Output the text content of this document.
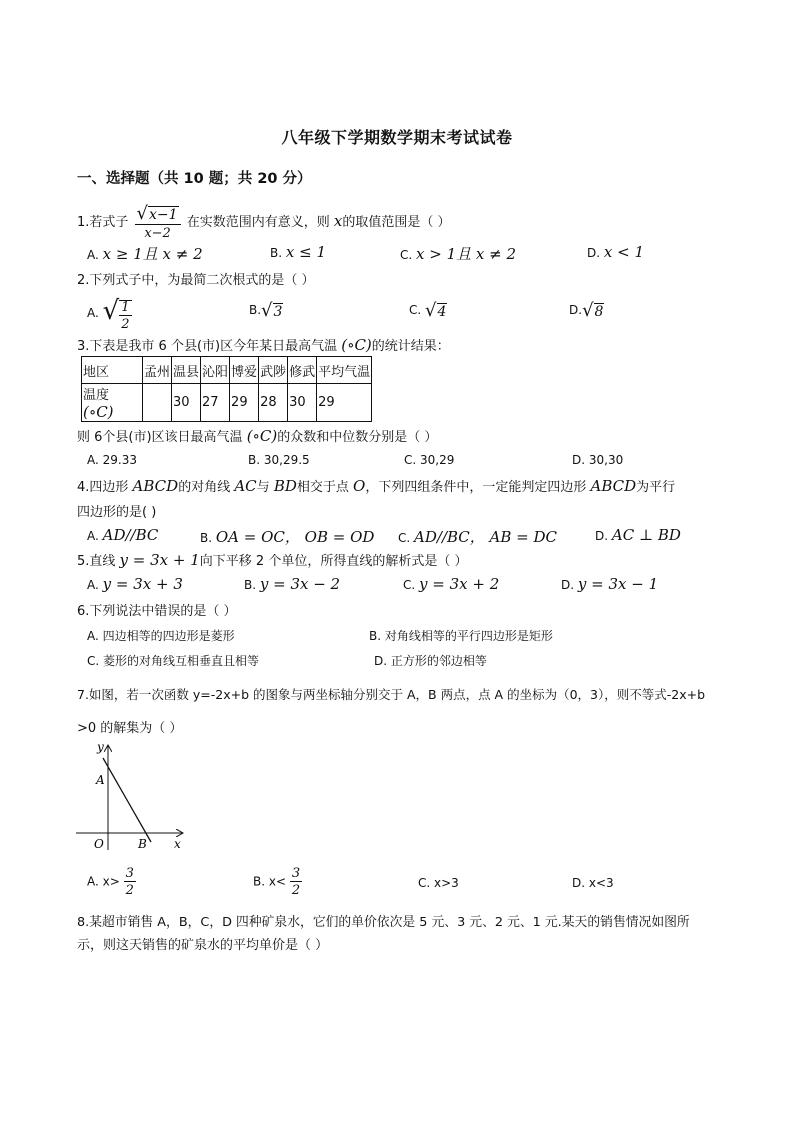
八年级下学期数学期末考试试卷
一、选择题（共 10 题；共 20 分）
1.若式子 $\frac{√x-1}{x-2}$ 在实数范围内有意义，则 x的取值范围是（ ）
A. x ≥ 1且 x ≠ 2	B. x ≤ 1	C. x > 1且 x ≠ 2	D. x < 1
2.下列式子中，为最简二次根式的是（ ）
A. √ $\frac{1}{2}$	B.√3	C. √4	D.√8
3.下表是我市 6 个县(市)区今年某日最高气温 (∘C)的统计结果：
地区	孟州	温县	沁阳	博爱	武陟	修武	平均气温
温度 (∘C)		30	27	29	28	30	29
则 6个县(市)区该日最高气温 (∘C)的众数和中位数分别是（ ）
A. 29.33	B. 30,29.5	C. 30,29	D. 30,30
4.四边形 ABCD的对角线 AC与 BD相交于点 O，下列四组条件中，一定能判定四边形 ABCD为平行
四边形的是( )
A. AD//BC	B. OA = OC， OB = OD C. AD//BC， AB = DC	D. AC ⊥ BD
5.直线 y = 3x + 1向下平移 2 个单位，所得直线的解析式是（ ）
A. y = 3x + 3	B. y = 3x − 2	C. y = 3x + 2	D. y = 3x − 1
6.下列说法中错误的是（ ）
A. 四边相等的四边形是菱形	B. 对角线相等的平行四边形是矩形
C. 菱形的对角线互相垂直且相等	D. 正方形的邻边相等
7.如图，若一次函数 y=-2x+b 的图象与两坐标轴分别交于 A，B 两点，点 A 的坐标为（0，3），则不等式-2x+b
>0 的解集为（ ）
y
A
O	B x
A. $x> \frac{3}{2}$	B. $x< \frac{3}{2}$	C. x>3	D. x<3
8.某超市销售 A，B，C，D 四种矿泉水，它们的单价依次是 5 元、3 元、2 元、1 元.某天的销售情况如图所
示，则这天销售的矿泉水的平均单价是（ ）
